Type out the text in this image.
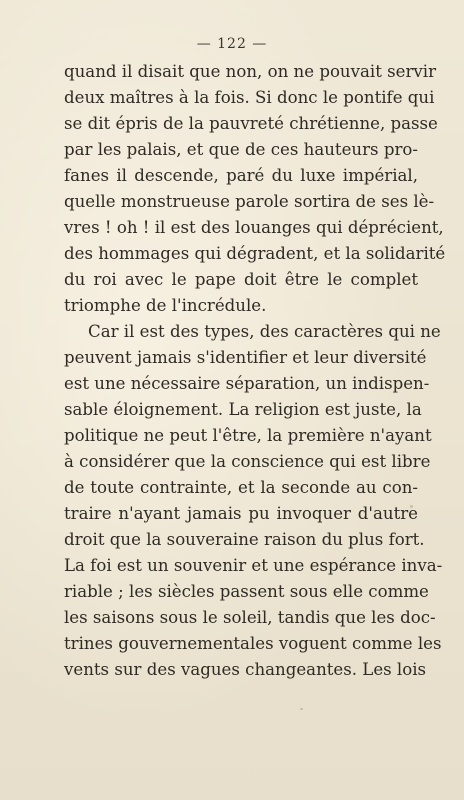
— 122 —
quand il disait que non, on ne pouvait servir
deux maîtres à la fois. Si donc le pontife qui
se dit épris de la pauvreté chrétienne, passe
par les palais, et que de ces hauteurs pro-
fanes il descende, paré du luxe impérial,
quelle monstrueuse parole sortira de ses lè-
vres ! oh ! il est des louanges qui déprécient,
des hommages qui dégradent, et la solidarité
du roi avec le pape doit être le complet
triomphe de l'incrédule.
Car il est des types, des caractères qui ne
peuvent jamais s'identifier et leur diversité
est une nécessaire séparation, un indispen-
sable éloignement. La religion est juste, la
politique ne peut l'être, la première n'ayant
à considérer que la conscience qui est libre
de toute contrainte, et la seconde au con-
traire n'ayant jamais pu invoquer d'autre
droit que la souveraine raison du plus fort.
La foi est un souvenir et une espérance inva-
riable ; les siècles passent sous elle comme
les saisons sous le soleil, tandis que les doc-
trines gouvernementales voguent comme les
vents sur des vagues changeantes. Les lois
